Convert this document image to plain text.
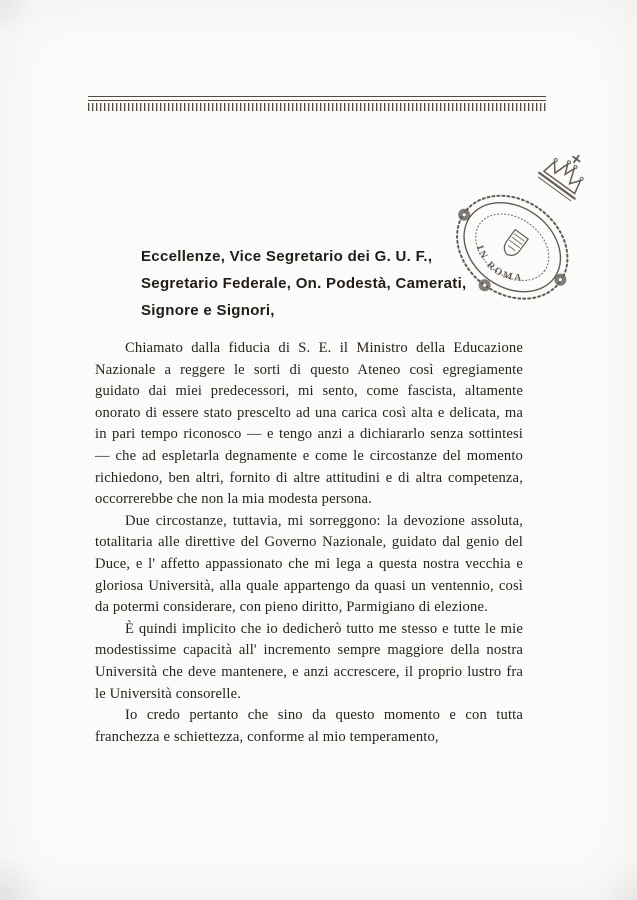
IN ROMA
Eccellenze, Vice Segretario dei G. U. F.,
Segretario Federale, On. Podestà, Camerati,
Signore e Signori,

Chiamato dalla fiducia di S. E. il Ministro della Educazione Nazionale a reggere le sorti di questo Ateneo così egregiamente guidato dai miei predecessori, mi sento, come fascista, altamente onorato di essere stato prescelto ad una carica così alta e delicata, ma in pari tempo riconosco — e tengo anzi a dichiararlo senza sottintesi — che ad espletarla degnamente e come le circostanze del momento richiedono, ben altri, fornito di altre attitudini e di altra competenza, occorrerebbe che non la mia modesta persona.

Due circostanze, tuttavia, mi sorreggono: la devozione assoluta, totalitaria alle direttive del Governo Nazionale, guidato dal genio del Duce, e l' affetto appassionato che mi lega a questa nostra vecchia e gloriosa Università, alla quale appartengo da quasi un ventennio, così da potermi considerare, con pieno diritto, Parmigiano di elezione.

È quindi implicito che io dedicherò tutto me stesso e tutte le mie modestissime capacità all' incremento sempre maggiore della nostra Università che deve mantenere, e anzi accrescere, il proprio lustro fra le Università consorelle.

Io credo pertanto che sino da questo momento e con tutta franchezza e schiettezza, conforme al mio temperamento,
